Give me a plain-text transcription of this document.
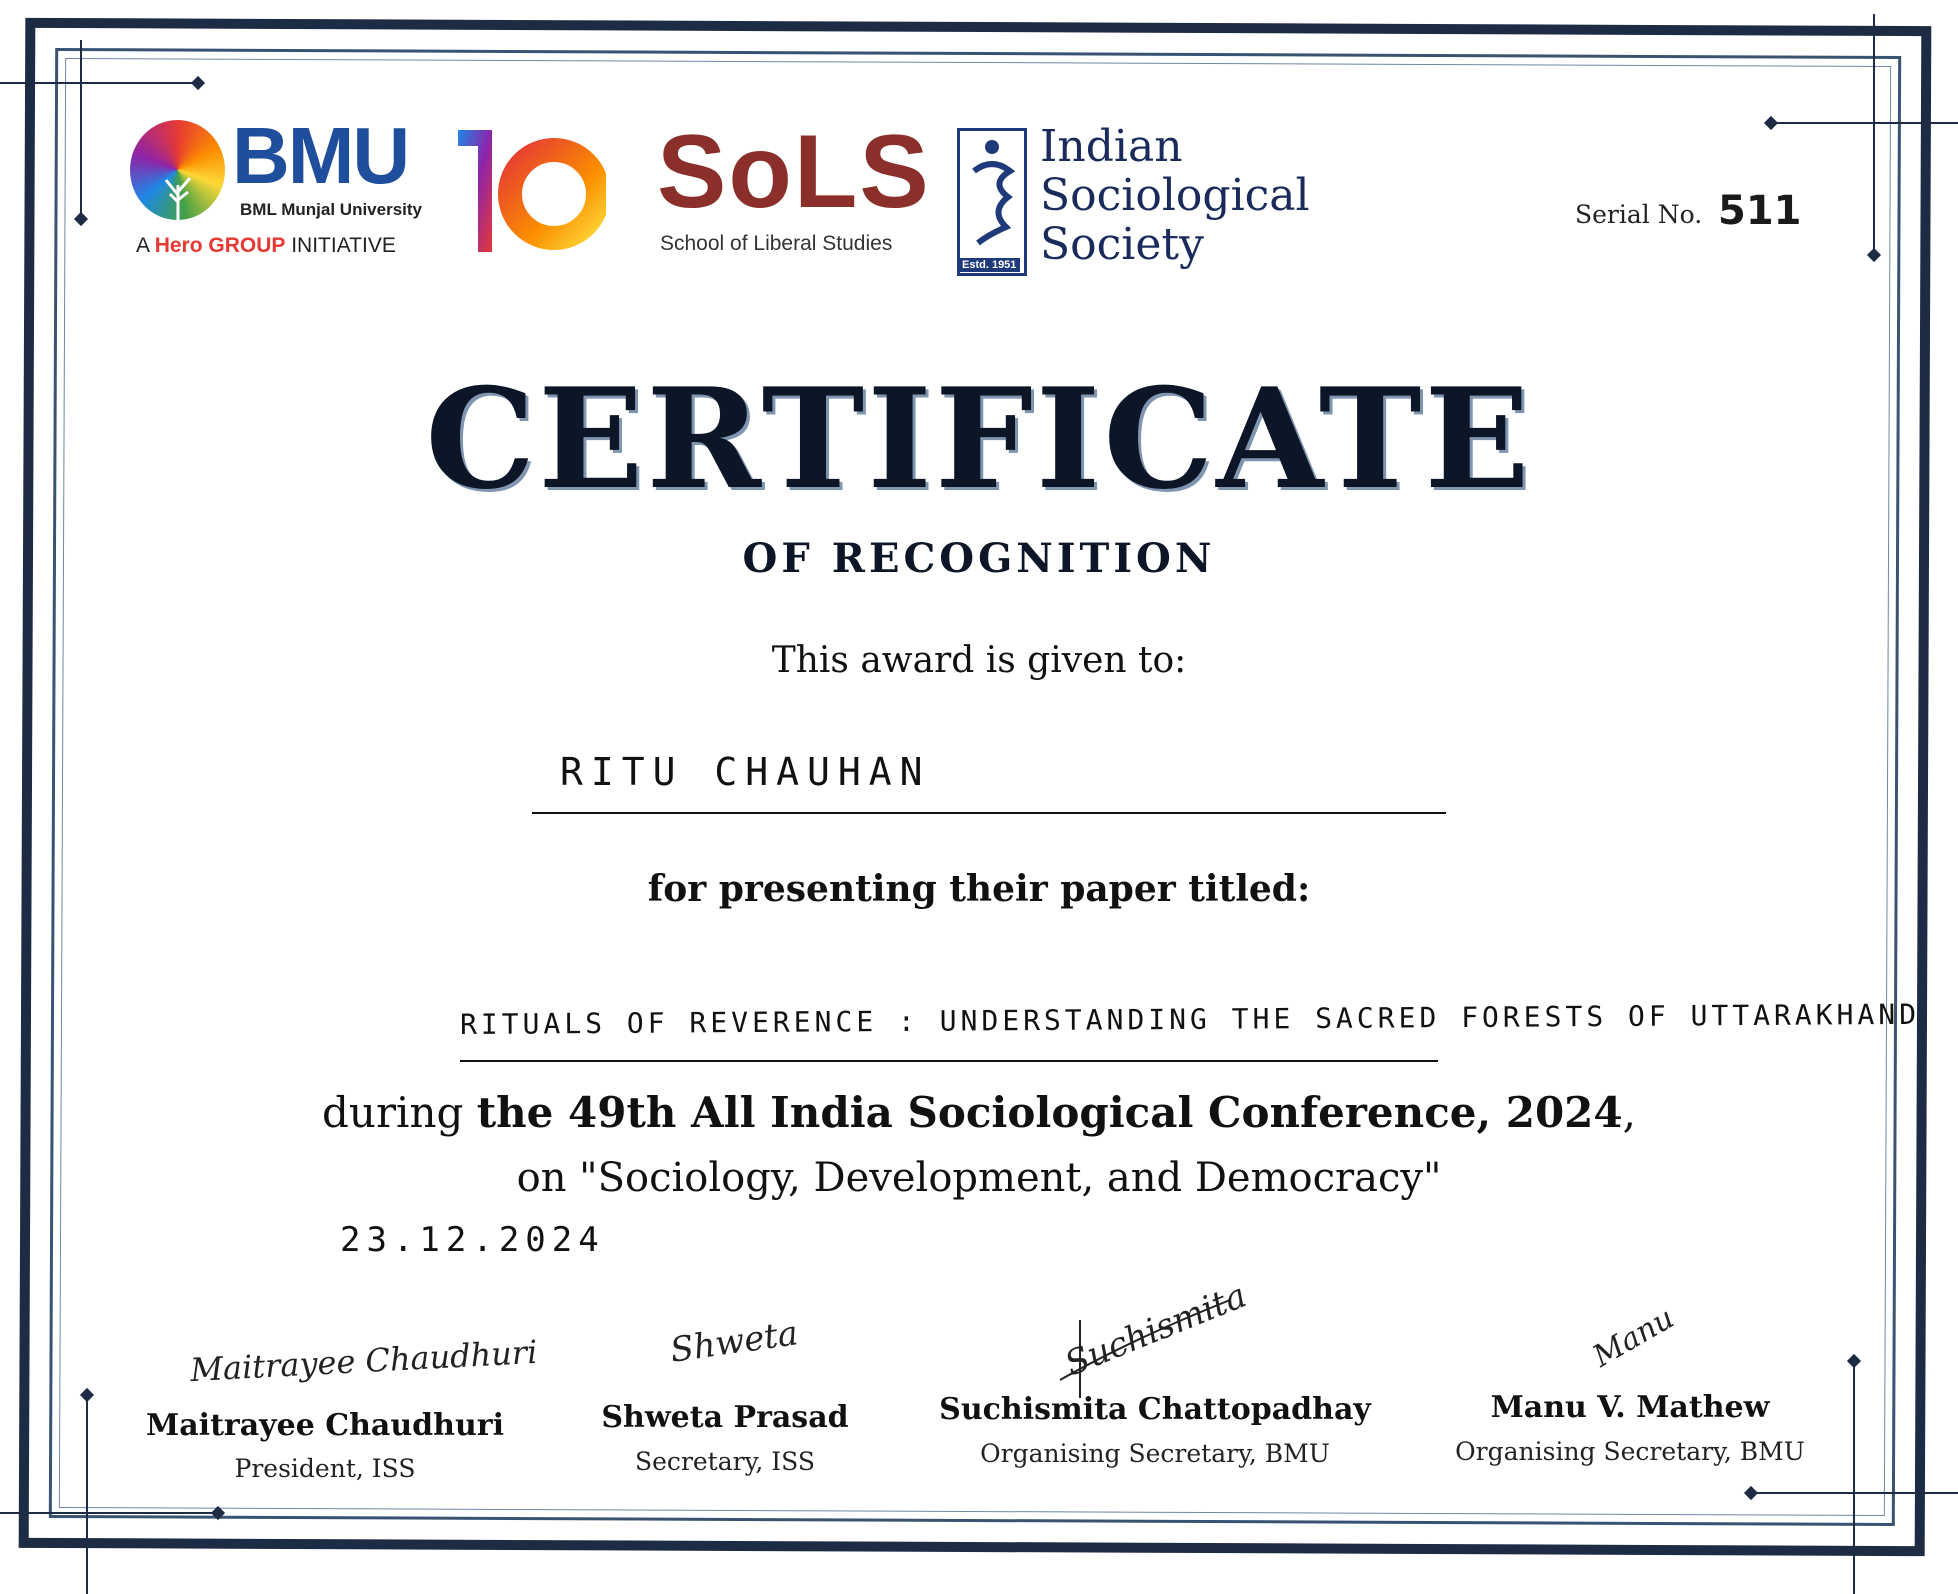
BMU
BML Munjal University
A Hero GROUP INITIATIVE
SoLS
School of Liberal Studies
Estd. 1951
Indian
Sociological
Society
Serial No. 511
CERTIFICATE
OF RECOGNITION
This award is given to:
RITU CHAUHAN
for presenting their paper titled:
RITUALS OF REVERENCE : UNDERSTANDING THE SACRED FORESTS OF UTTARAKHAND
during the 49th All India Sociological Conference, 2024,
on "Sociology, Development, and Democracy"
23.12.2024
Maitrayee Chaudhuri
Maitrayee Chaudhuri
President, ISS
Shweta
Shweta Prasad
Secretary, ISS
Suchismita
Suchismita Chattopadhay
Organising Secretary, BMU
Manu
Manu V. Mathew
Organising Secretary, BMU
